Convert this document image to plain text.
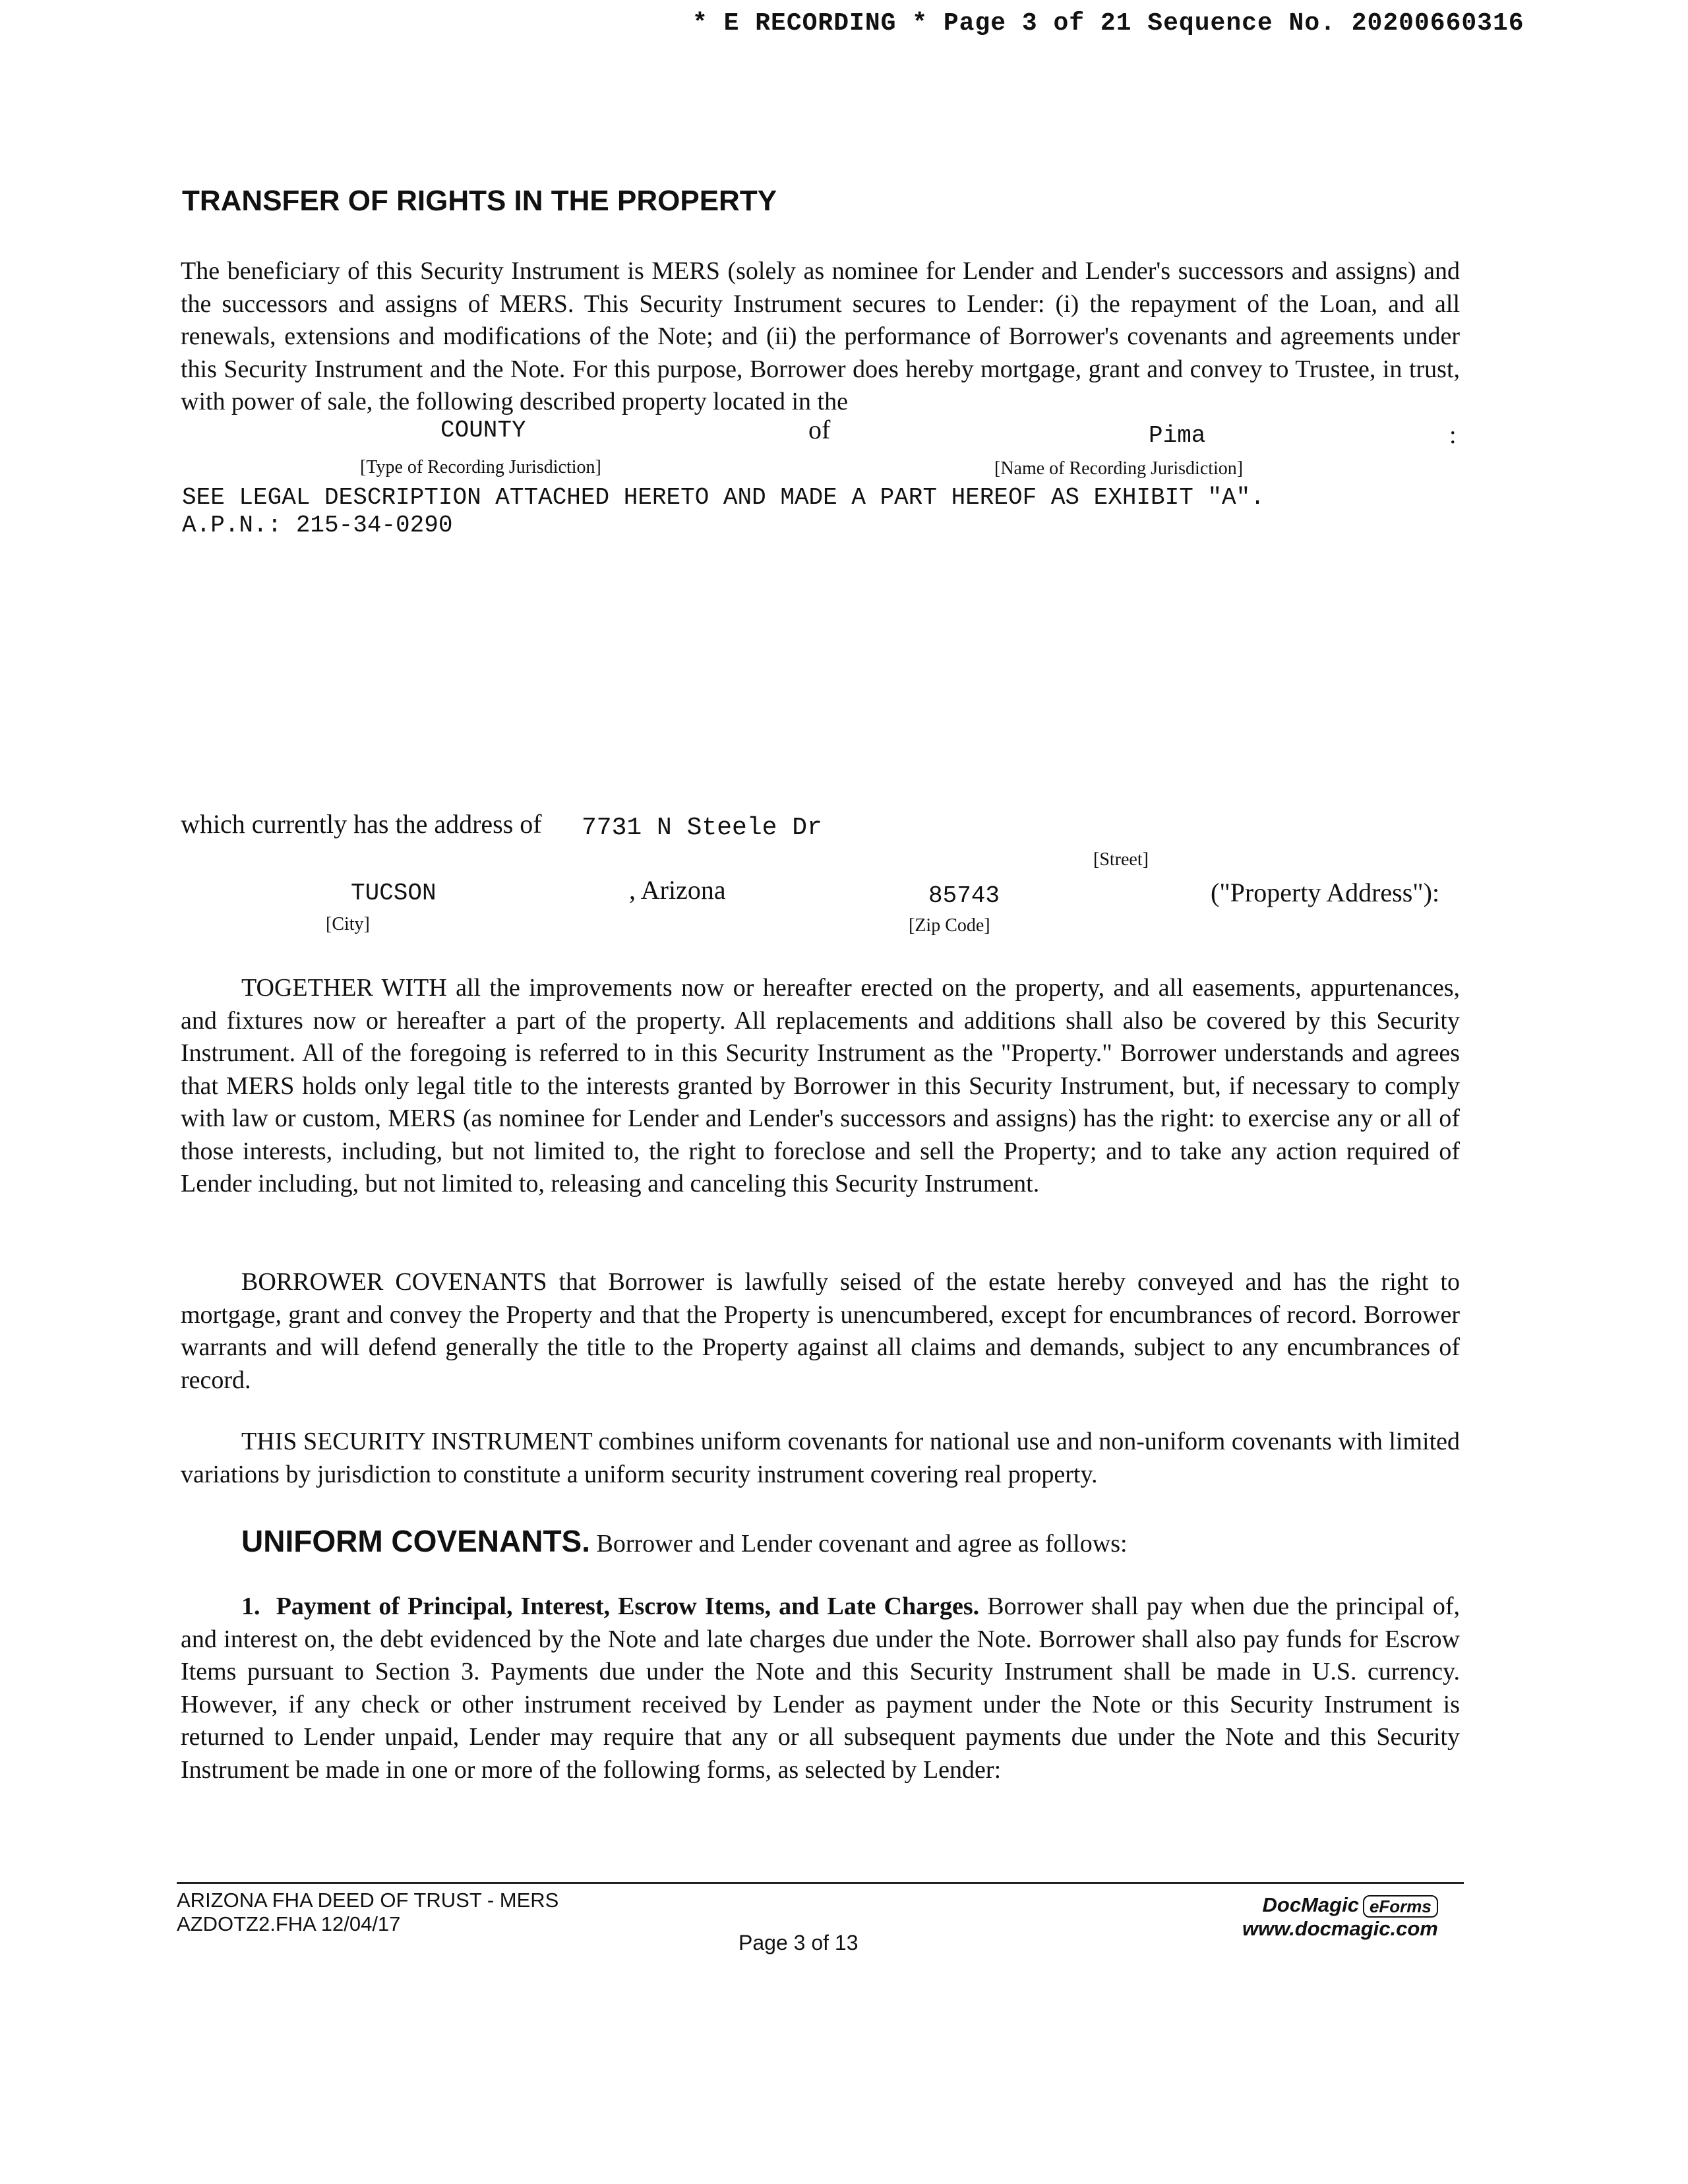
* E RECORDING * Page 3 of 21 Sequence No. 20200660316
TRANSFER OF RIGHTS IN THE PROPERTY
The beneficiary of this Security Instrument is MERS (solely as nominee for Lender and Lender's successors and assigns) and the successors and assigns of MERS. This Security Instrument secures to Lender: (i) the repayment of the Loan, and all renewals, extensions and modifications of the Note; and (ii) the performance of Borrower's covenants and agreements under this Security Instrument and the Note. For this purpose, Borrower does hereby mortgage, grant and convey to Trustee, in trust, with power of sale, the following described property located in the
COUNTY	of	Pima	:
[Type of Recording Jurisdiction]	[Name of Recording Jurisdiction]
SEE LEGAL DESCRIPTION ATTACHED HERETO AND MADE A PART HEREOF AS EXHIBIT "A".
A.P.N.: 215-34-0290
which currently has the address of 7731 N Steele Dr
[Street]
TUCSON	, Arizona	85743	("Property Address"):
[City]	[Zip Code]
TOGETHER WITH all the improvements now or hereafter erected on the property, and all easements, appurtenances, and fixtures now or hereafter a part of the property. All replacements and additions shall also be covered by this Security Instrument. All of the foregoing is referred to in this Security Instrument as the "Property." Borrower understands and agrees that MERS holds only legal title to the interests granted by Borrower in this Security Instrument, but, if necessary to comply with law or custom, MERS (as nominee for Lender and Lender's successors and assigns) has the right: to exercise any or all of those interests, including, but not limited to, the right to foreclose and sell the Property; and to take any action required of Lender including, but not limited to, releasing and canceling this Security Instrument.
BORROWER COVENANTS that Borrower is lawfully seised of the estate hereby conveyed and has the right to mortgage, grant and convey the Property and that the Property is unencumbered, except for encumbrances of record. Borrower warrants and will defend generally the title to the Property against all claims and demands, subject to any encumbrances of record.
THIS SECURITY INSTRUMENT combines uniform covenants for national use and non-uniform covenants with limited variations by jurisdiction to constitute a uniform security instrument covering real property.
UNIFORM COVENANTS. Borrower and Lender covenant and agree as follows:
1. Payment of Principal, Interest, Escrow Items, and Late Charges. Borrower shall pay when due the principal of, and interest on, the debt evidenced by the Note and late charges due under the Note. Borrower shall also pay funds for Escrow Items pursuant to Section 3. Payments due under the Note and this Security Instrument shall be made in U.S. currency. However, if any check or other instrument received by Lender as payment under the Note or this Security Instrument is returned to Lender unpaid, Lender may require that any or all subsequent payments due under the Note and this Security Instrument be made in one or more of the following forms, as selected by Lender:
ARIZONA FHA DEED OF TRUST - MERS
AZDOTZ2.FHA 12/04/17
DocMagic eForms
www.docmagic.com
Page 3 of 13
